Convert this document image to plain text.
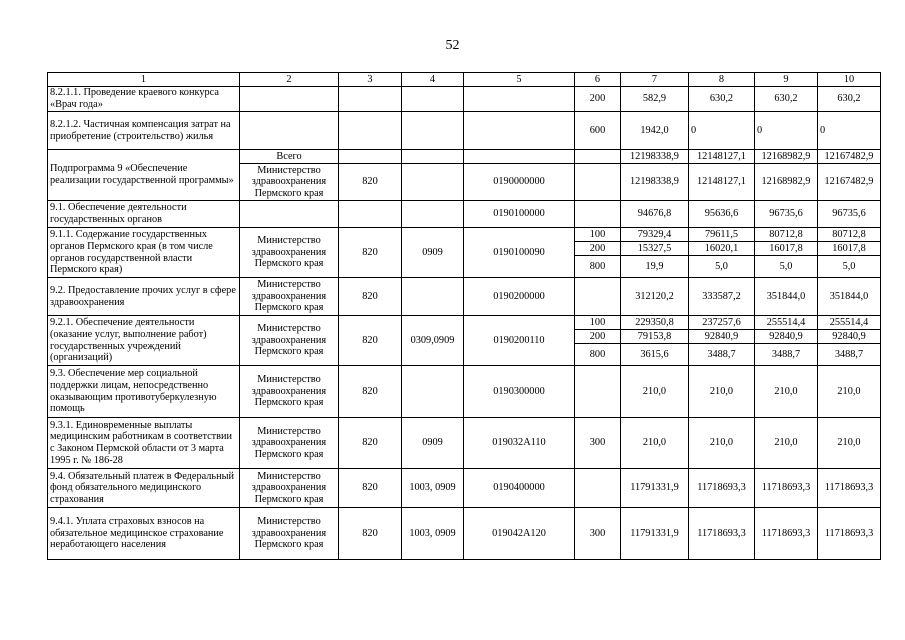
52
1	2	3	4	5	6	7	8	9	10
8.2.1.1. Проведение краевого конкурса «Врач года»					200	582,9	630,2	630,2	630,2
8.2.1.2. Частичная компенсация затрат на приобретение (строительство) жилья					600	1942,0	0	0	0
Подпрограмма 9 «Обеспечение реализации государственной программы»	Всего					12198338,9	12148127,1	12168982,9	12167482,9
	Министерство здравоохранения Пермского края	820		0190000000		12198338,9	12148127,1	12168982,9	12167482,9
9.1. Обеспечение деятельности государственных органов				0190100000		94676,8	95636,6	96735,6	96735,6
9.1.1. Содержание государственных органов Пермского края (в том числе органов государственной власти Пермского края)	Министерство здравоохранения Пермского края	820	0909	0190100090	100	79329,4	79611,5	80712,8	80712,8
					200	15327,5	16020,1	16017,8	16017,8
					800	19,9	5,0	5,0	5,0
9.2. Предоставление прочих услуг в сфере здравоохранения	Министерство здравоохранения Пермского края	820		0190200000		312120,2	333587,2	351844,0	351844,0
9.2.1. Обеспечение деятельности (оказание услуг, выполнение работ) государственных учреждений (организаций)	Министерство здравоохранения Пермского края	820	0309,0909	0190200110	100	229350,8	237257,6	255514,4	255514,4
					200	79153,8	92840,9	92840,9	92840,9
					800	3615,6	3488,7	3488,7	3488,7
9.3. Обеспечение мер социальной поддержки лицам, непосредственно оказывающим противотуберкулезную помощь	Министерство здравоохранения Пермского края	820		0190300000		210,0	210,0	210,0	210,0
9.3.1. Единовременные выплаты медицинским работникам в соответствии с Законом Пермской области от 3 марта 1995 г. № 186-28	Министерство здравоохранения Пермского края	820	0909	019032А110	300	210,0	210,0	210,0	210,0
9.4. Обязательный платеж в Федеральный фонд обязательного медицинского страхования	Министерство здравоохранения Пермского края	820	1003, 0909	0190400000		11791331,9	11718693,3	11718693,3	11718693,3
9.4.1. Уплата страховых взносов на обязательное медицинское страхование неработающего населения	Министерство здравоохранения Пермского края	820	1003, 0909	019042А120	300	11791331,9	11718693,3	11718693,3	11718693,3
